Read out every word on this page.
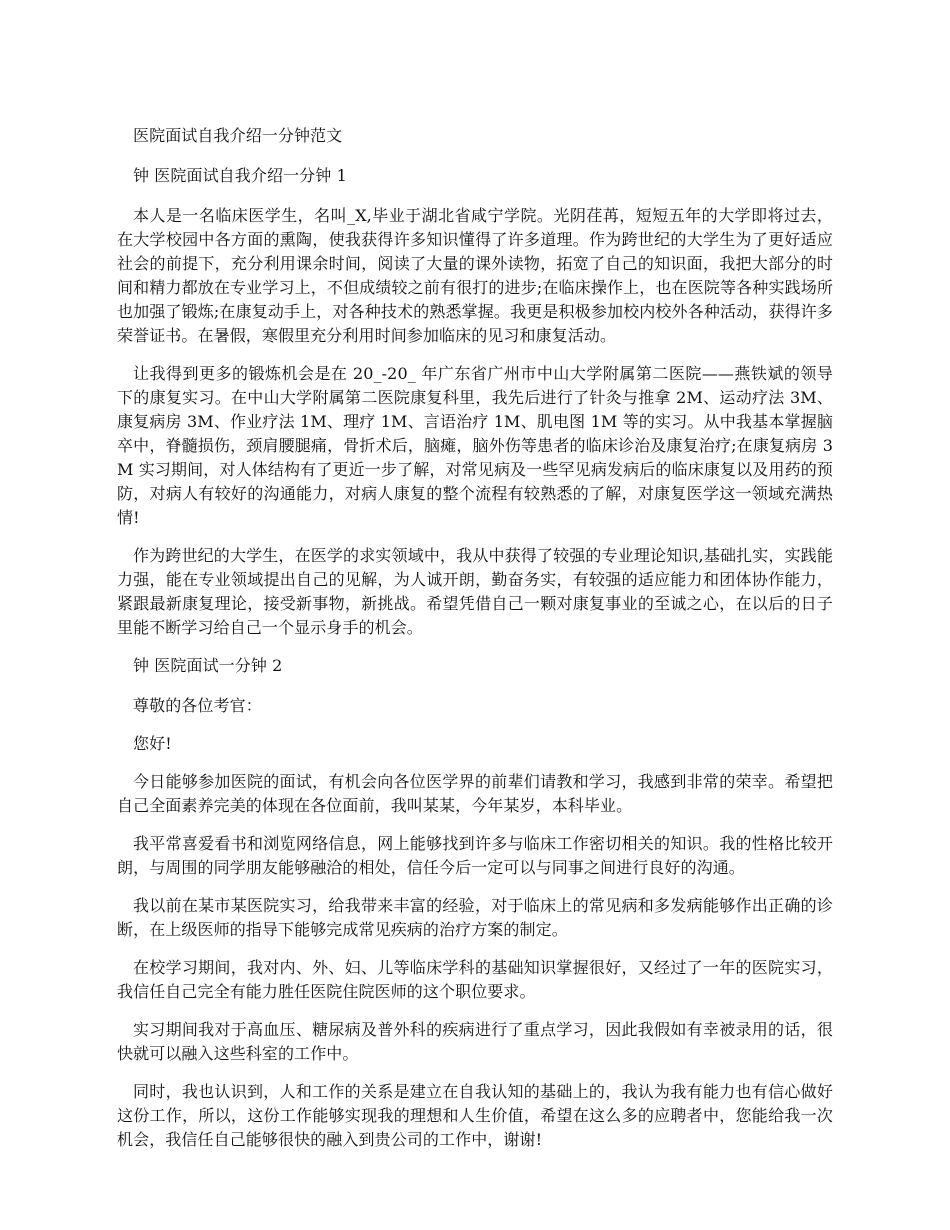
医院面试自我介绍一分钟范文

钟 医院面试自我介绍一分钟 1

本人是一名临床医学生，名叫_X,毕业于湖北省咸宁学院。光阴荏苒，短短五年的大学即将过去，在大学校园中各方面的熏陶，使我获得许多知识懂得了许多道理。作为跨世纪的大学生为了更好适应社会的前提下，充分利用课余时间，阅读了大量的课外读物，拓宽了自己的知识面，我把大部分的时间和精力都放在专业学习上，不但成绩较之前有很打的进步;在临床操作上，也在医院等各种实践场所也加强了锻炼;在康复动手上，对各种技术的熟悉掌握。我更是积极参加校内校外各种活动，获得许多荣誉证书。在暑假，寒假里充分利用时间参加临床的见习和康复活动。

让我得到更多的锻炼机会是在 20_-20_ 年广东省广州市中山大学附属第二医院——燕铁斌的领导下的康复实习。在中山大学附属第二医院康复科里，我先后进行了针灸与推拿 2M、运动疗法 3M、康复病房 3M、作业疗法 1M、理疗 1M、言语治疗 1M、肌电图 1M 等的实习。从中我基本掌握脑卒中，脊髓损伤，颈肩腰腿痛，骨折术后，脑瘫，脑外伤等患者的临床诊治及康复治疗;在康复病房 3M 实习期间，对人体结构有了更近一步了解，对常见病及一些罕见病发病后的临床康复以及用药的预防，对病人有较好的沟通能力，对病人康复的整个流程有较熟悉的了解，对康复医学这一领域充满热情!

作为跨世纪的大学生，在医学的求实领域中，我从中获得了较强的专业理论知识,基础扎实，实践能力强，能在专业领域提出自己的见解，为人诚开朗，勤奋务实，有较强的适应能力和团体协作能力，紧跟最新康复理论，接受新事物，新挑战。希望凭借自己一颗对康复事业的至诚之心，在以后的日子里能不断学习给自己一个显示身手的机会。

钟 医院面试一分钟 2

尊敬的各位考官：

您好!

今日能够参加医院的面试，有机会向各位医学界的前辈们请教和学习，我感到非常的荣幸。希望把自己全面素养完美的体现在各位面前，我叫某某，今年某岁，本科毕业。

我平常喜爱看书和浏览网络信息，网上能够找到许多与临床工作密切相关的知识。我的性格比较开朗，与周围的同学朋友能够融洽的相处，信任今后一定可以与同事之间进行良好的沟通。

我以前在某市某医院实习，给我带来丰富的经验，对于临床上的常见病和多发病能够作出正确的诊断，在上级医师的指导下能够完成常见疾病的治疗方案的制定。

在校学习期间，我对内、外、妇、儿等临床学科的基础知识掌握很好，又经过了一年的医院实习，我信任自己完全有能力胜任医院住院医师的这个职位要求。

实习期间我对于高血压、糖尿病及普外科的疾病进行了重点学习，因此我假如有幸被录用的话，很快就可以融入这些科室的工作中。

同时，我也认识到，人和工作的关系是建立在自我认知的基础上的，我认为我有能力也有信心做好这份工作，所以，这份工作能够实现我的理想和人生价值，希望在这么多的应聘者中，您能给我一次机会，我信任自己能够很快的融入到贵公司的工作中，谢谢!
